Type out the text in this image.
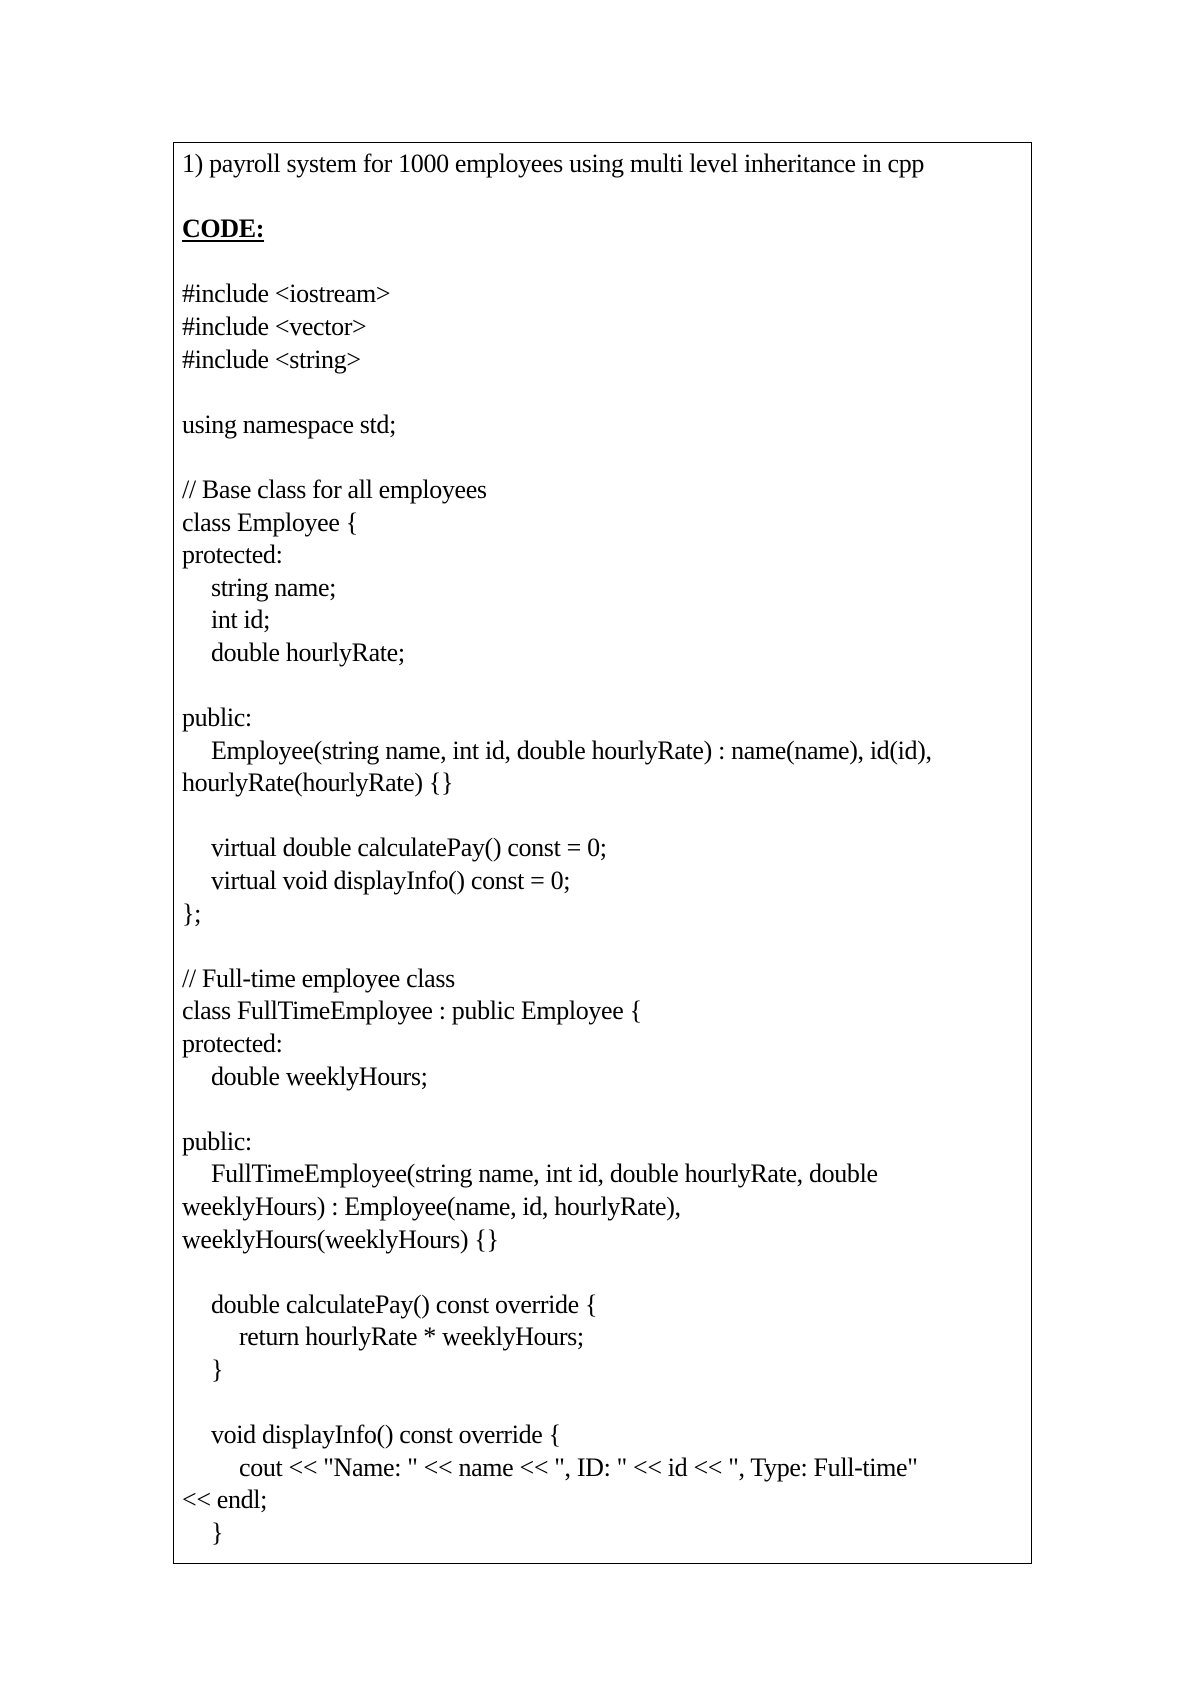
1) payroll system for 1000 employees using multi level inheritance in cpp
CODE:
#include <iostream>
#include <vector>
#include <string>
using namespace std;
// Base class for all employees
class Employee {
protected:
string name;
int id;
double hourlyRate;
public:
Employee(string name, int id, double hourlyRate) : name(name), id(id),
hourlyRate(hourlyRate) {}
virtual double calculatePay() const = 0;
virtual void displayInfo() const = 0;
};
// Full-time employee class
class FullTimeEmployee : public Employee {
protected:
double weeklyHours;
public:
FullTimeEmployee(string name, int id, double hourlyRate, double
weeklyHours) : Employee(name, id, hourlyRate),
weeklyHours(weeklyHours) {}
double calculatePay() const override {
return hourlyRate * weeklyHours;
}
void displayInfo() const override {
cout << "Name: " << name << ", ID: " << id << ", Type: Full-time"
<< endl;
}
